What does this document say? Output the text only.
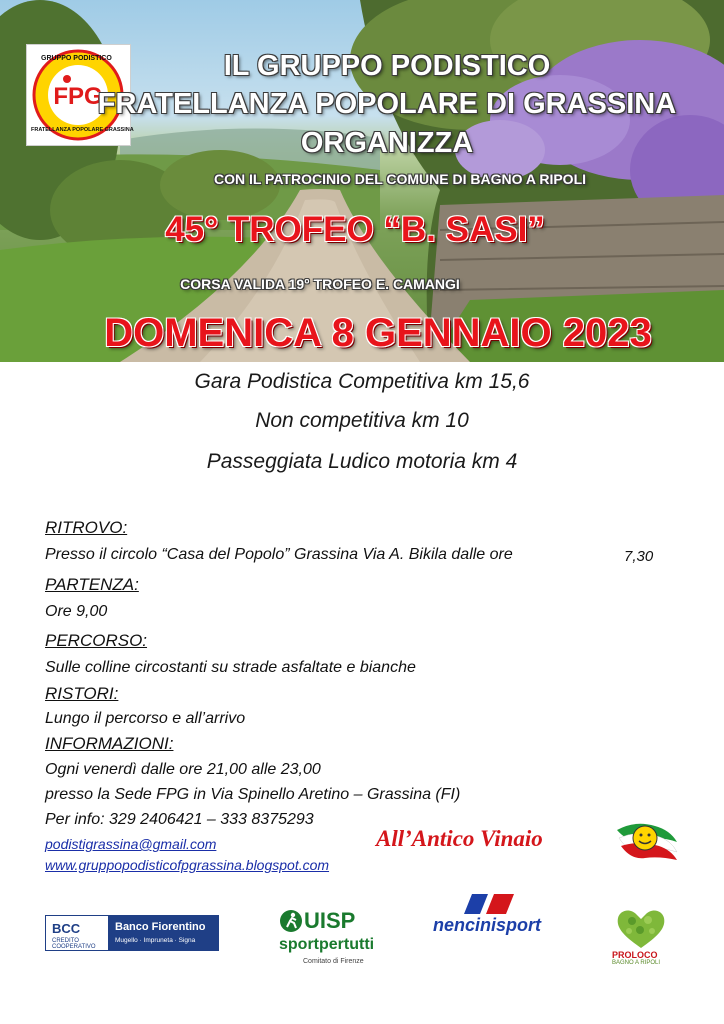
FPG
GRUPPO PODISTICO
FRATELLANZA POPOLARE GRASSINA
IL GRUPPO PODISTICO
FRATELLANZA POPOLARE DI GRASSINA
ORGANIZZA
CON IL PATROCINIO DEL COMUNE DI BAGNO A RIPOLI
45° TROFEO “B. SASI”
CORSA VALIDA 19° TROFEO E. CAMANGI
DOMENICA 8 GENNAIO 2023
Gara Podistica Competitiva km 15,6
Non competitiva km 10
Passeggiata Ludico motoria km 4
RITROVO:
Presso il circolo “Casa del Popolo” Grassina Via A. Bikila dalle ore	7,30
PARTENZA:
Ore 9,00
PERCORSO:
Sulle colline circostanti su strade asfaltate e bianche
RISTORI:
Lungo il percorso e all’arrivo
INFORMAZIONI:
Ogni venerdì dalle ore 21,00 alle 23,00
presso la Sede FPG in Via Spinello Aretino – Grassina (FI)
Per info: 329 2406421 – 333 8375293
podistigrassina@gmail.com
www.gruppopodisticofpgrassina.blogspot.com
All’Antico Vinaio
BCC
CREDITO COOPERATIVO
Banco Fiorentino
Mugello · Impruneta · Signa
UISP
sportpertutti
Comitato di Firenze
nencinisport
PROLOCO
BAGNO A RIPOLI
